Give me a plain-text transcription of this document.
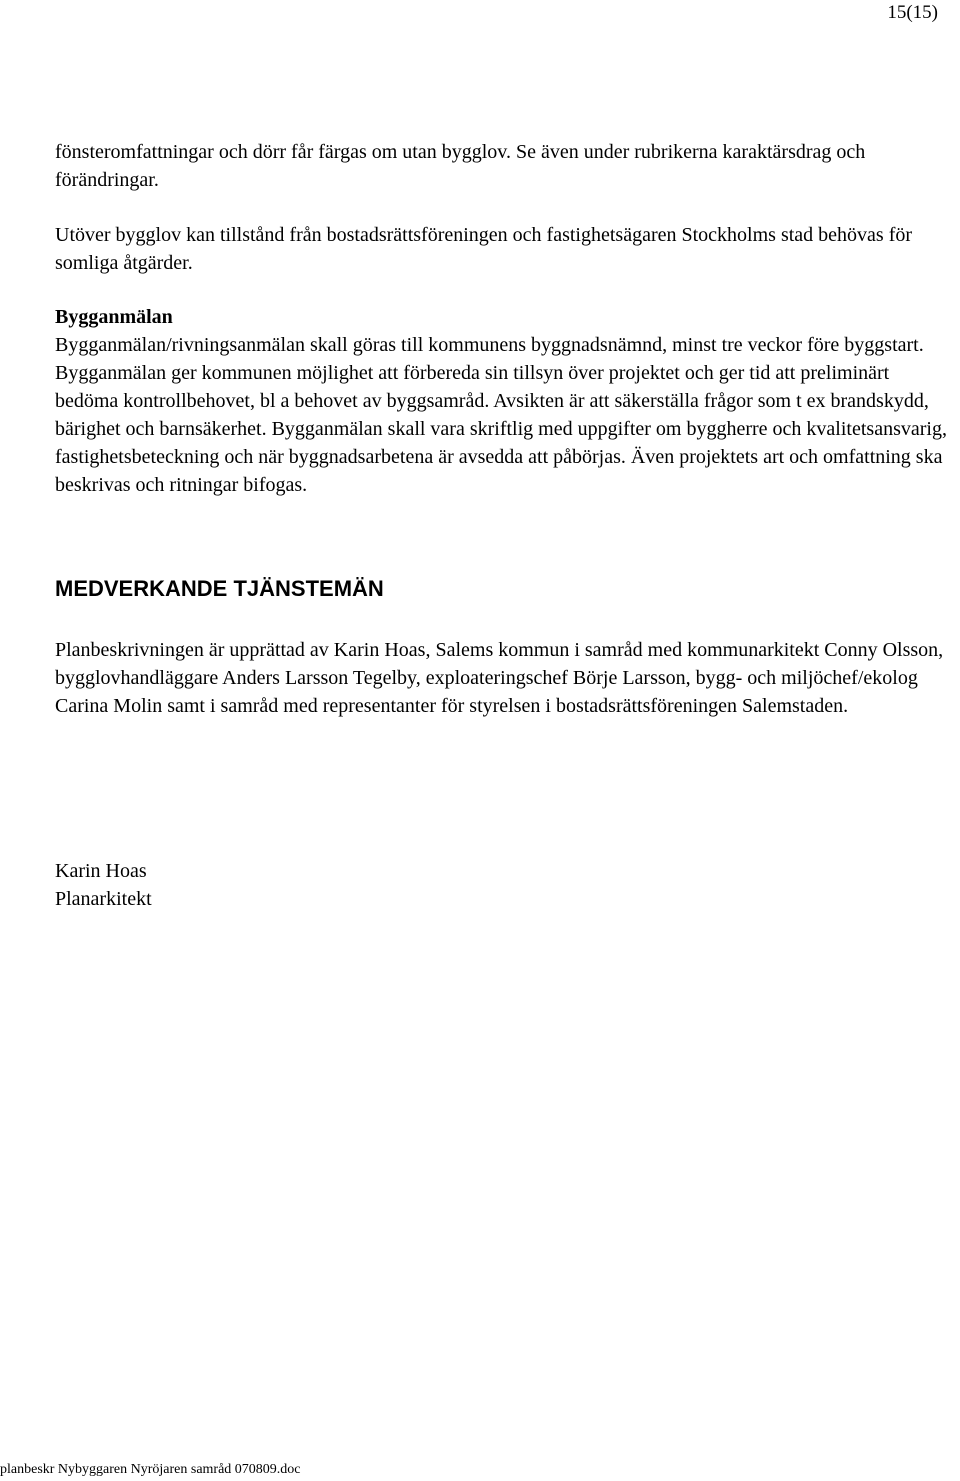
15(15)

fönsteromfattningar och dörr får färgas om utan bygglov. Se även under rubrikerna karaktärsdrag och förändringar.

Utöver bygglov kan tillstånd från bostadsrättsföreningen och fastighetsägaren Stockholms stad behövas för somliga åtgärder.

Bygganmälan

Bygganmälan/rivningsanmälan skall göras till kommunens byggnadsnämnd, minst tre veckor före byggstart. Bygganmälan ger kommunen möjlighet att förbereda sin tillsyn över projektet och ger tid att preliminärt bedöma kontrollbehovet, bl a behovet av byggsamråd. Avsikten är att säkerställa frågor som t ex brandskydd, bärighet och barnsäkerhet. Bygganmälan skall vara skriftlig med uppgifter om byggherre och kvalitetsansvarig, fastighetsbeteckning och när byggnadsarbetena är avsedda att påbörjas. Även projektets art och omfattning ska beskrivas och ritningar bifogas.

MEDVERKANDE TJÄNSTEMÄN

Planbeskrivningen är upprättad av Karin Hoas, Salems kommun i samråd med kommunarkitekt Conny Olsson, bygglovhandläggare Anders Larsson Tegelby, exploateringschef Börje Larsson, bygg- och miljöchef/ekolog Carina Molin samt i samråd med representanter för styrelsen i bostadsrättsföreningen Salemstaden.

Karin Hoas
Planarkitekt
planbeskr Nybyggaren Nyröjaren samråd 070809.doc
